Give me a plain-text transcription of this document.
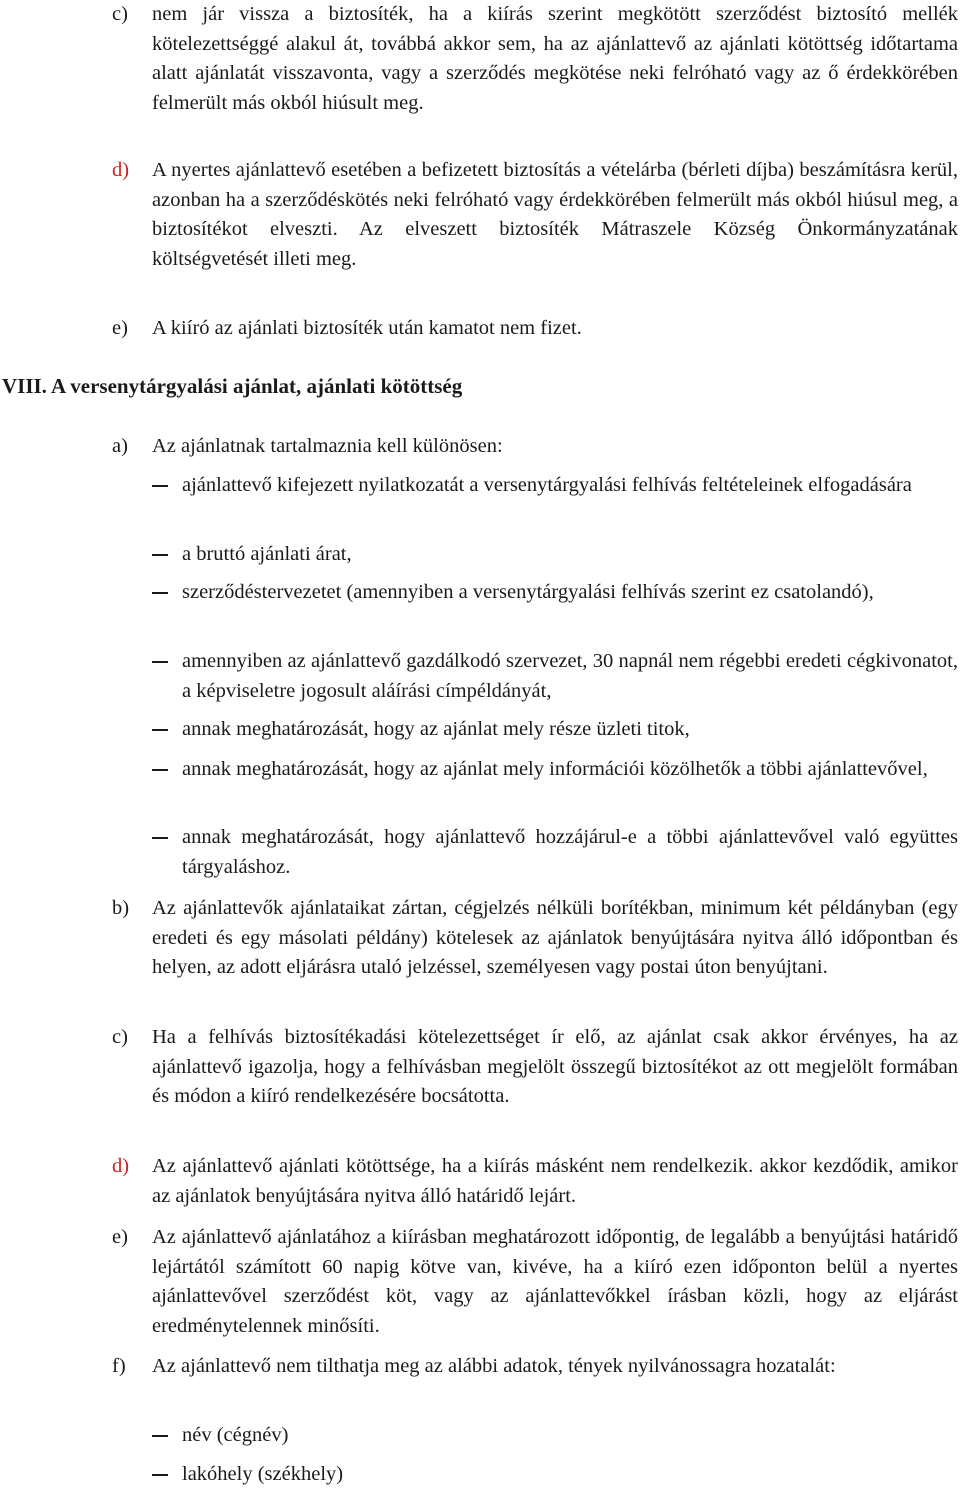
c) nem jár vissza a biztosíték, ha a kiírás szerint megkötött szerződést biztosító mellék kötelezettséggé alakul át, továbbá akkor sem, ha az ajánlattevő az ajánlati kötöttség időtartama alatt ajánlatát visszavonta, vagy a szerződés megkötése neki felróható vagy az ő érdekkörében felmerült más okból hiúsult meg.
d) A nyertes ajánlattevő esetében a befizetett biztosítás a vételárba (bérleti díjba) beszámításra kerül, azonban ha a szerződéskötés neki felróható vagy érdekkörében felmerült más okból hiúsul meg, a biztosítékot elveszti. Az elveszett biztosíték Mátraszele Község Önkormányzatának költségvetését illeti meg.
e) A kiíró az ajánlati biztosíték után kamatot nem fizet.
VIII. A versenytárgyalási ajánlat, ajánlati kötöttség
a) Az ajánlatnak tartalmaznia kell különösen:
ajánlattevő kifejezett nyilatkozatát a versenytárgyalási felhívás feltételeinek elfogadására
a bruttó ajánlati árat,
szerződéstervezetet (amennyiben a versenytárgyalási felhívás szerint ez csatolandó),
amennyiben az ajánlattevő gazdálkodó szervezet, 30 napnál nem régebbi eredeti cégkivonatot, a képviseletre jogosult aláírási címpéldányát,
annak meghatározását, hogy az ajánlat mely része üzleti titok,
annak meghatározását, hogy az ajánlat mely információi közölhetők a többi ajánlattevővel,
annak meghatározását, hogy ajánlattevő hozzájárul-e a többi ajánlattevővel való együttes tárgyaláshoz.
b) Az ajánlattevők ajánlataikat zártan, cégjelzés nélküli borítékban, minimum két példányban (egy eredeti és egy másolati példány) kötelesek az ajánlatok benyújtására nyitva álló időpontban és helyen, az adott eljárásra utaló jelzéssel, személyesen vagy postai úton benyújtani.
c) Ha a felhívás biztosítékadási kötelezettséget ír elő, az ajánlat csak akkor érvényes, ha az ajánlattevő igazolja, hogy a felhívásban megjelölt összegű biztosítékot az ott megjelölt formában és módon a kiíró rendelkezésére bocsátotta.
d) Az ajánlattevő ajánlati kötöttsége, ha a kiírás másként nem rendelkezik. akkor kezdődik, amikor az ajánlatok benyújtására nyitva álló határidő lejárt.
e) Az ajánlattevő ajánlatához a kiírásban meghatározott időpontig, de legalább a benyújtási határidő lejártától számított 60 napig kötve van, kivéve, ha a kiíró ezen időponton belül a nyertes ajánlattevővel szerződést köt, vagy az ajánlattevőkkel írásban közli, hogy az eljárást eredménytelennek minősíti.
f) Az ajánlattevő nem tilthatja meg az alábbi adatok, tények nyilvánossagra hozatalát:
név (cégnév)
lakóhely (székhely)
